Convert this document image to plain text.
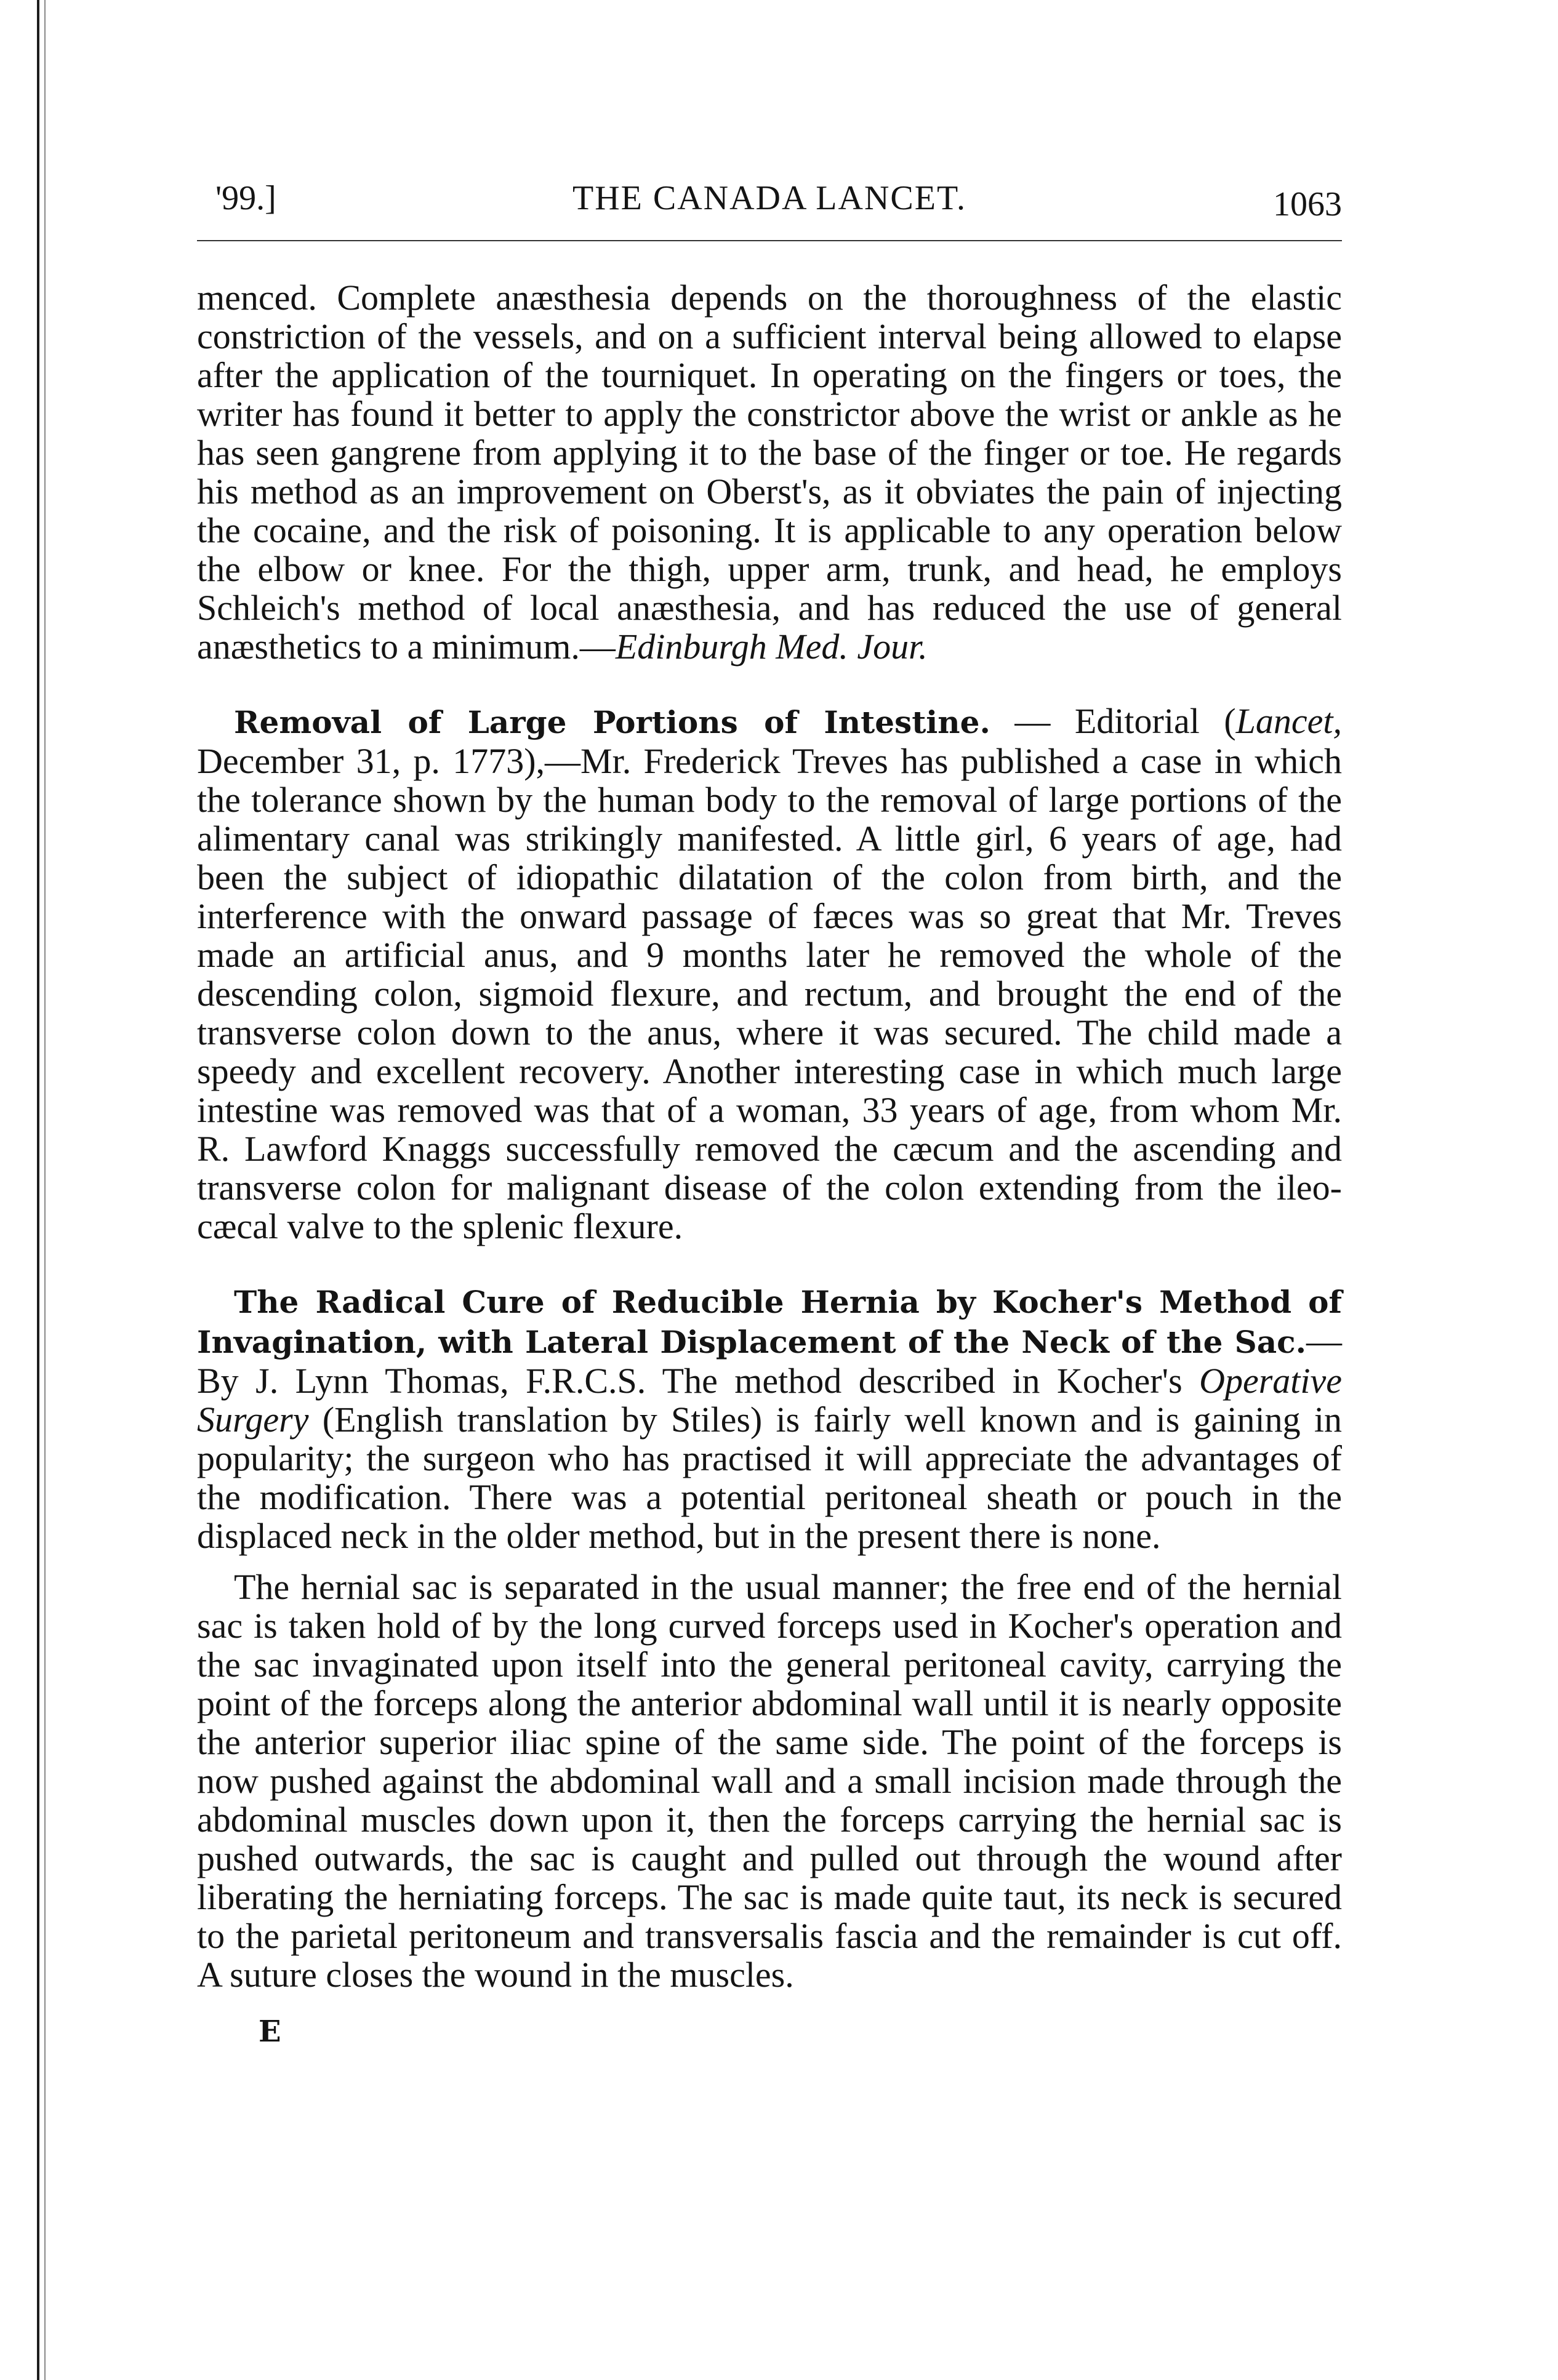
'99.]	THE CANADA LANCET.	1063

menced. Complete anæsthesia depends on the thoroughness of the elastic constriction of the vessels, and on a sufficient interval being allowed to elapse after the application of the tourniquet. In operating on the fingers or toes, the writer has found it better to apply the constrictor above the wrist or ankle as he has seen gangrene from applying it to the base of the finger or toe. He regards his method as an improvement on Oberst's, as it obviates the pain of injecting the cocaine, and the risk of poisoning. It is applicable to any operation below the elbow or knee. For the thigh, upper arm, trunk, and head, he employs Schleich's method of local anæsthesia, and has reduced the use of general anæsthetics to a minimum.—Edinburgh Med. Jour.

Removal of Large Portions of Intestine. — Editorial (Lancet, December 31, p. 1773),—Mr. Frederick Treves has published a case in which the tolerance shown by the human body to the removal of large portions of the alimentary canal was strikingly manifested. A little girl, 6 years of age, had been the subject of idiopathic dilatation of the colon from birth, and the interference with the onward passage of fæces was so great that Mr. Treves made an artificial anus, and 9 months later he removed the whole of the descending colon, sigmoid flexure, and rectum, and brought the end of the transverse colon down to the anus, where it was secured. The child made a speedy and excellent recovery. Another interesting case in which much large intestine was removed was that of a woman, 33 years of age, from whom Mr. R. Lawford Knaggs successfully removed the cæcum and the ascending and transverse colon for malignant disease of the colon extending from the ileo-cæcal valve to the splenic flexure.

The Radical Cure of Reducible Hernia by Kocher's Method of Invagination, with Lateral Displacement of the Neck of the Sac.—By J. Lynn Thomas, F.R.C.S. The method described in Kocher's Operative Surgery (English translation by Stiles) is fairly well known and is gaining in popularity; the surgeon who has practised it will appreciate the advantages of the modification. There was a potential peritoneal sheath or pouch in the displaced neck in the older method, but in the present there is none.

The hernial sac is separated in the usual manner; the free end of the hernial sac is taken hold of by the long curved forceps used in Kocher's operation and the sac invaginated upon itself into the general peritoneal cavity, carrying the point of the forceps along the anterior abdominal wall until it is nearly opposite the anterior superior iliac spine of the same side. The point of the forceps is now pushed against the abdominal wall and a small incision made through the abdominal muscles down upon it, then the forceps carrying the hernial sac is pushed outwards, the sac is caught and pulled out through the wound after liberating the herniating forceps. The sac is made quite taut, its neck is secured to the parietal peritoneum and transversalis fascia and the remainder is cut off. A suture closes the wound in the muscles.

E
